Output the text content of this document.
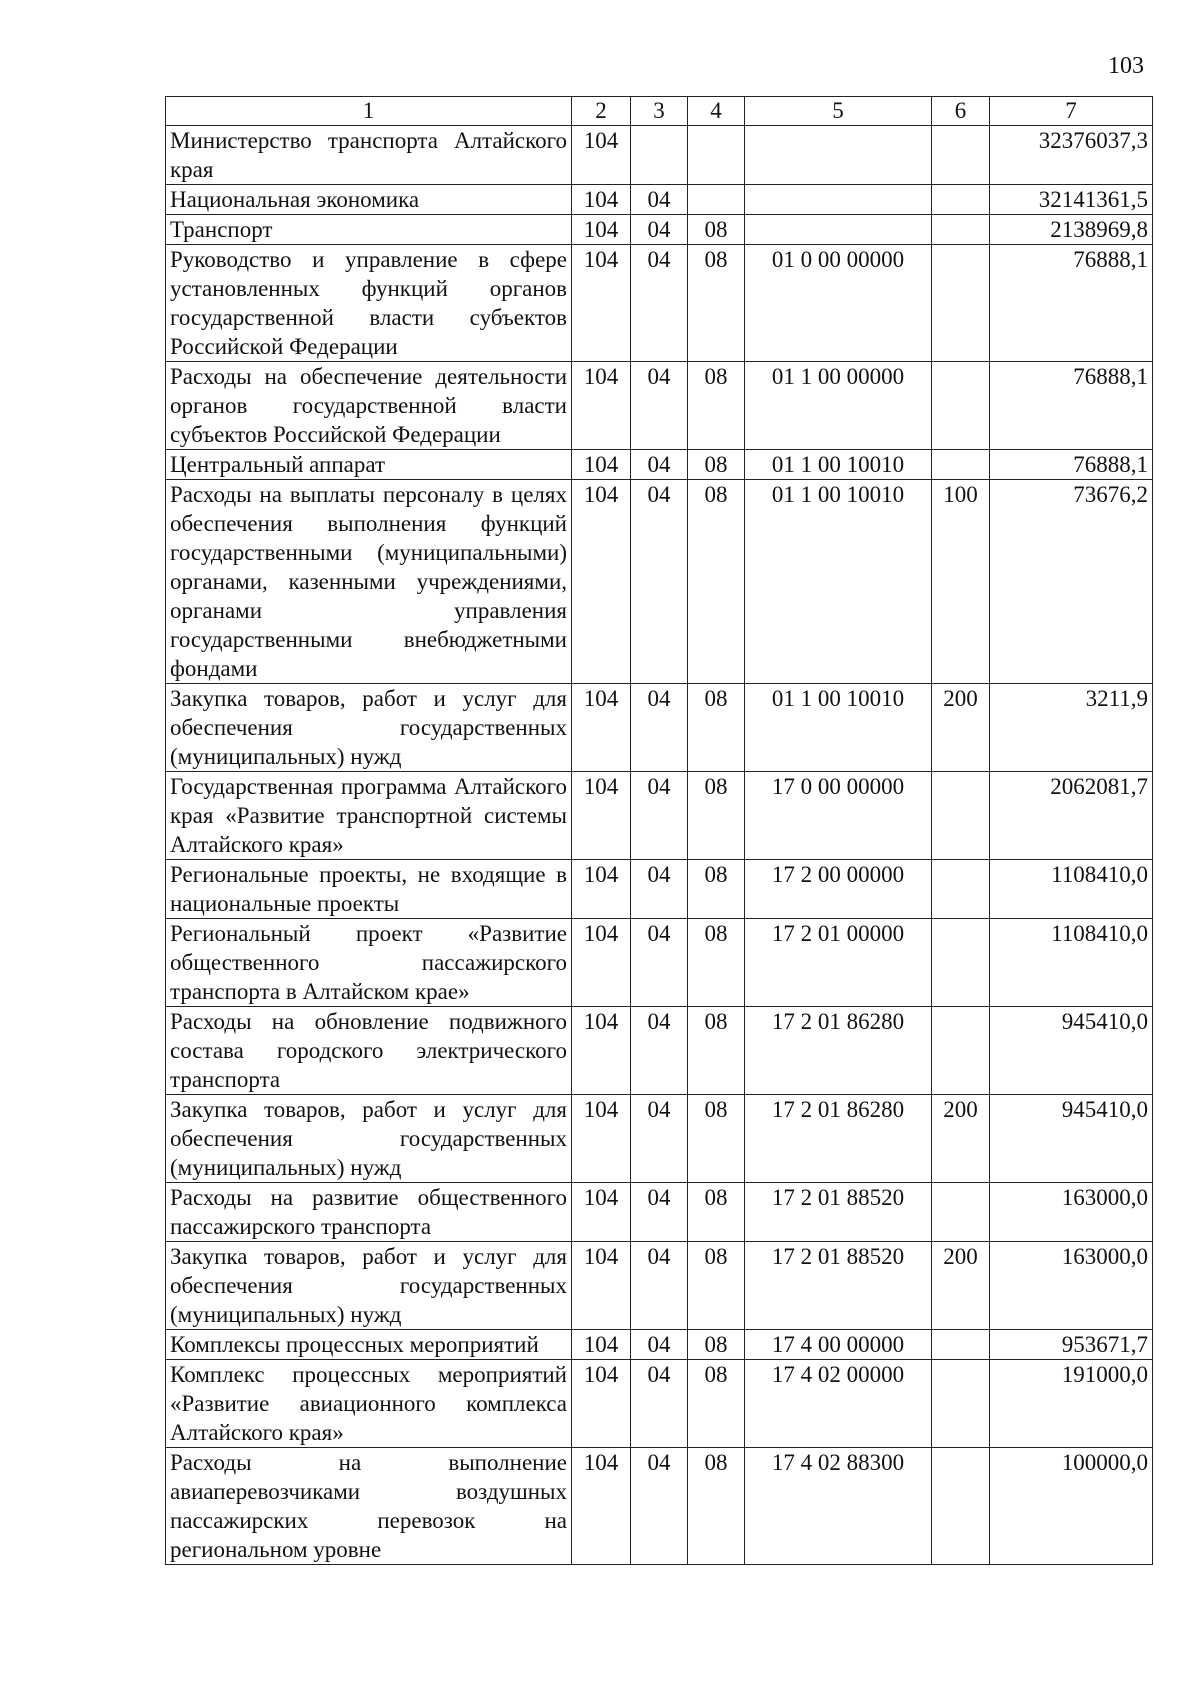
103
1	2	3	4	5	6	7
Министерство транспорта Алтайского края	104					32376037,3
Национальная экономика	104	04				32141361,5
Транспорт	104	04	08			2138969,8
Руководство и управление в сфере установленных функций органов государственной власти субъектов Российской Федерации	104	04	08	01 0 00 00000		76888,1
Расходы на обеспечение деятельности органов государственной власти субъектов Российской Федерации	104	04	08	01 1 00 00000		76888,1
Центральный аппарат	104	04	08	01 1 00 10010		76888,1
Расходы на выплаты персоналу в целях обеспечения выполнения функций государственными (муниципальными) органами, казенными учреждениями, органами управления государственными внебюджетными фондами	104	04	08	01 1 00 10010	100	73676,2
Закупка товаров, работ и услуг для обеспечения государственных (муниципальных) нужд	104	04	08	01 1 00 10010	200	3211,9
Государственная программа Алтайского края «Развитие транспортной системы Алтайского края»	104	04	08	17 0 00 00000		2062081,7
Региональные проекты, не входящие в национальные проекты	104	04	08	17 2 00 00000		1108410,0
Региональный проект «Развитие общественного пассажирского транспорта в Алтайском крае»	104	04	08	17 2 01 00000		1108410,0
Расходы на обновление подвижного состава городского электрического транспорта	104	04	08	17 2 01 86280		945410,0
Закупка товаров, работ и услуг для обеспечения государственных (муниципальных) нужд	104	04	08	17 2 01 86280	200	945410,0
Расходы на развитие общественного пассажирского транспорта	104	04	08	17 2 01 88520		163000,0
Закупка товаров, работ и услуг для обеспечения государственных (муниципальных) нужд	104	04	08	17 2 01 88520	200	163000,0
Комплексы процессных мероприятий	104	04	08	17 4 00 00000		953671,7
Комплекс процессных мероприятий «Развитие авиационного комплекса Алтайского края»	104	04	08	17 4 02 00000		191000,0
Расходы на выполнение авиаперевозчиками воздушных пассажирских перевозок на региональном уровне	104	04	08	17 4 02 88300		100000,0
